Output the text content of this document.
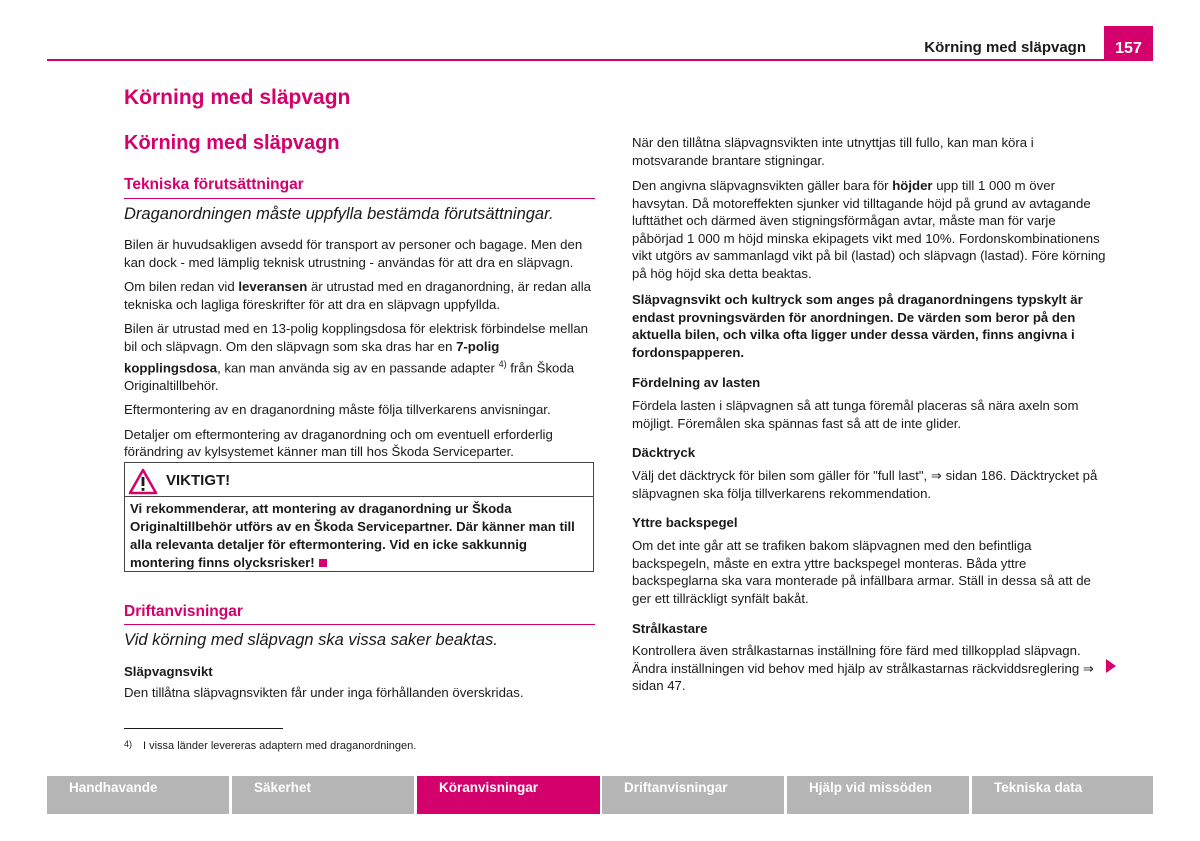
Körning med släpvagn	157
Körning med släpvagn
Körning med släpvagn
Tekniska förutsättningar
Draganordningen måste uppfylla bestämda förutsättningar.

Bilen är huvudsakligen avsedd för transport av personer och bagage. Men den kan dock - med lämplig teknisk utrustning - användas för att dra en släpvagn.

Om bilen redan vid leveransen är utrustad med en draganordning, är redan alla tekniska och lagliga föreskrifter för att dra en släpvagn uppfyllda.

Bilen är utrustad med en 13-polig kopplingsdosa för elektrisk förbindelse mellan bil och släpvagn. Om den släpvagn som ska dras har en 7-polig kopplingsdosa, kan man använda sig av en passande adapter $^{4)}$ från Škoda Originaltillbehör.

Eftermontering av en draganordning måste följa tillverkarens anvisningar.

Detaljer om eftermontering av draganordning och om eventuell erforderlig förändring av kylsystemet känner man till hos Škoda Serviceparter.

VIKTIGT!
Vi rekommenderar, att montering av draganordning ur Škoda Originaltillbehör utförs av en Škoda Servicepartner. Där känner man till alla relevanta detaljer för eftermontering. Vid en icke sakkunnig montering finns olycksrisker!
Driftanvisningar
Vid körning med släpvagn ska vissa saker beaktas.
Släpvagnsvikt
Den tillåtna släpvagnsvikten får under inga förhållanden överskridas.
4) I vissa länder levereras adaptern med draganordningen.
När den tillåtna släpvagnsvikten inte utnyttjas till fullo, kan man köra i motsvarande brantare stigningar.
Den angivna släpvagnsvikten gäller bara för höjder upp till 1 000 m över havsytan. Då motoreffekten sjunker vid tilltagande höjd på grund av avtagande lufttäthet och därmed även stigningsförmågan avtar, måste man för varje påbörjad 1 000 m höjd minska ekipagets vikt med 10%. Fordonskombinationens vikt utgörs av sammanlagd vikt på bil (lastad) och släpvagn (lastad). Före körning på hög höjd ska detta beaktas.
Släpvagnsvikt och kultryck som anges på draganordningens typskylt är endast provningsvärden för anordningen. De värden som beror på den aktuella bilen, och vilka ofta ligger under dessa värden, finns angivna i fordonspapperen.
Fördelning av lasten
Fördela lasten i släpvagnen så att tunga föremål placeras så nära axeln som möjligt. Föremålen ska spännas fast så att de inte glider.
Däcktryck
Välj det däcktryck för bilen som gäller för "full last", ⇒ sidan 186. Däcktrycket på släpvagnen ska följa tillverkarens rekommendation.
Yttre backspegel
Om det inte går att se trafiken bakom släpvagnen med den befintliga backspegeln, måste en extra yttre backspegel monteras. Båda yttre backspeglarna ska vara monterade på infällbara armar. Ställ in dessa så att de ger ett tillräckligt synfält bakåt.
Strålkastare
Kontrollera även strålkastarnas inställning före färd med tillkopplad släpvagn. Ändra inställningen vid behov med hjälp av strålkastarnas räckviddsreglering ⇒ sidan 47.
Handhavande	Säkerhet	Köranvisningar	Driftanvisningar	Hjälp vid missöden	Tekniska data
